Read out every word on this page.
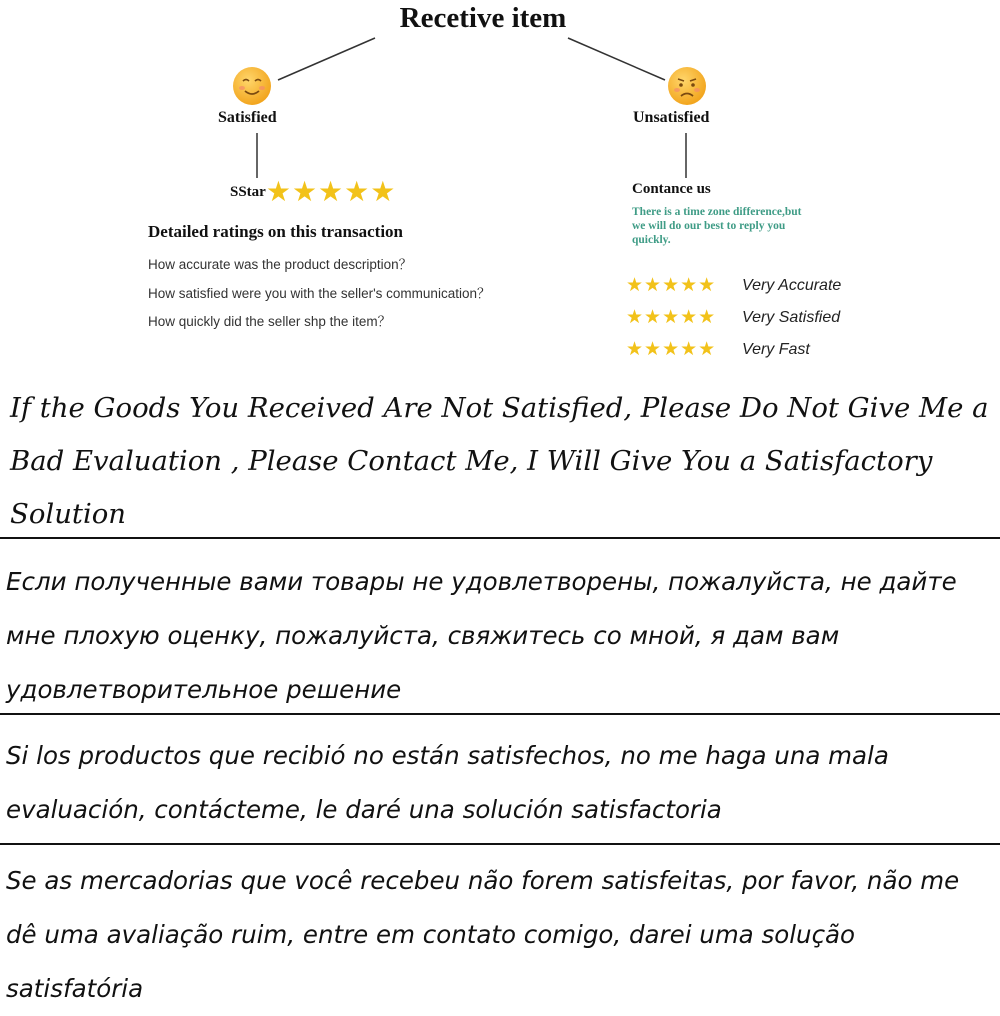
Recetive item
Satisfied	Unsatisfied
SStar ★★★★★
Detailed ratings on this transaction
How accurate was the product description？
How satisfied were you with the seller's communication？
How quickly did the seller shp the item？
Contance us
There is a time zone difference,but we will do our best to reply you quickly.
★★★★★	Very Accurate
★★★★★	Very Satisfied
★★★★★	Very Fast
If the Goods You Received Are Not Satisfied, Please Do Not Give Me a Bad Evaluation , Please Contact Me, I Will Give You a Satisfactory Solution
Если полученные вами товары не удовлетворены, пожалуйста, не дайте мне плохую оценку, пожалуйста, свяжитесь со мной, я дам вам удовлетворительное решение
Si los productos que recibió no están satisfechos, no me haga una mala evaluación, contácteme, le daré una solución satisfactoria
Se as mercadorias que você recebeu não forem satisfeitas, por favor, não me dê uma avaliação ruim, entre em contato comigo, darei uma solução satisfatória
